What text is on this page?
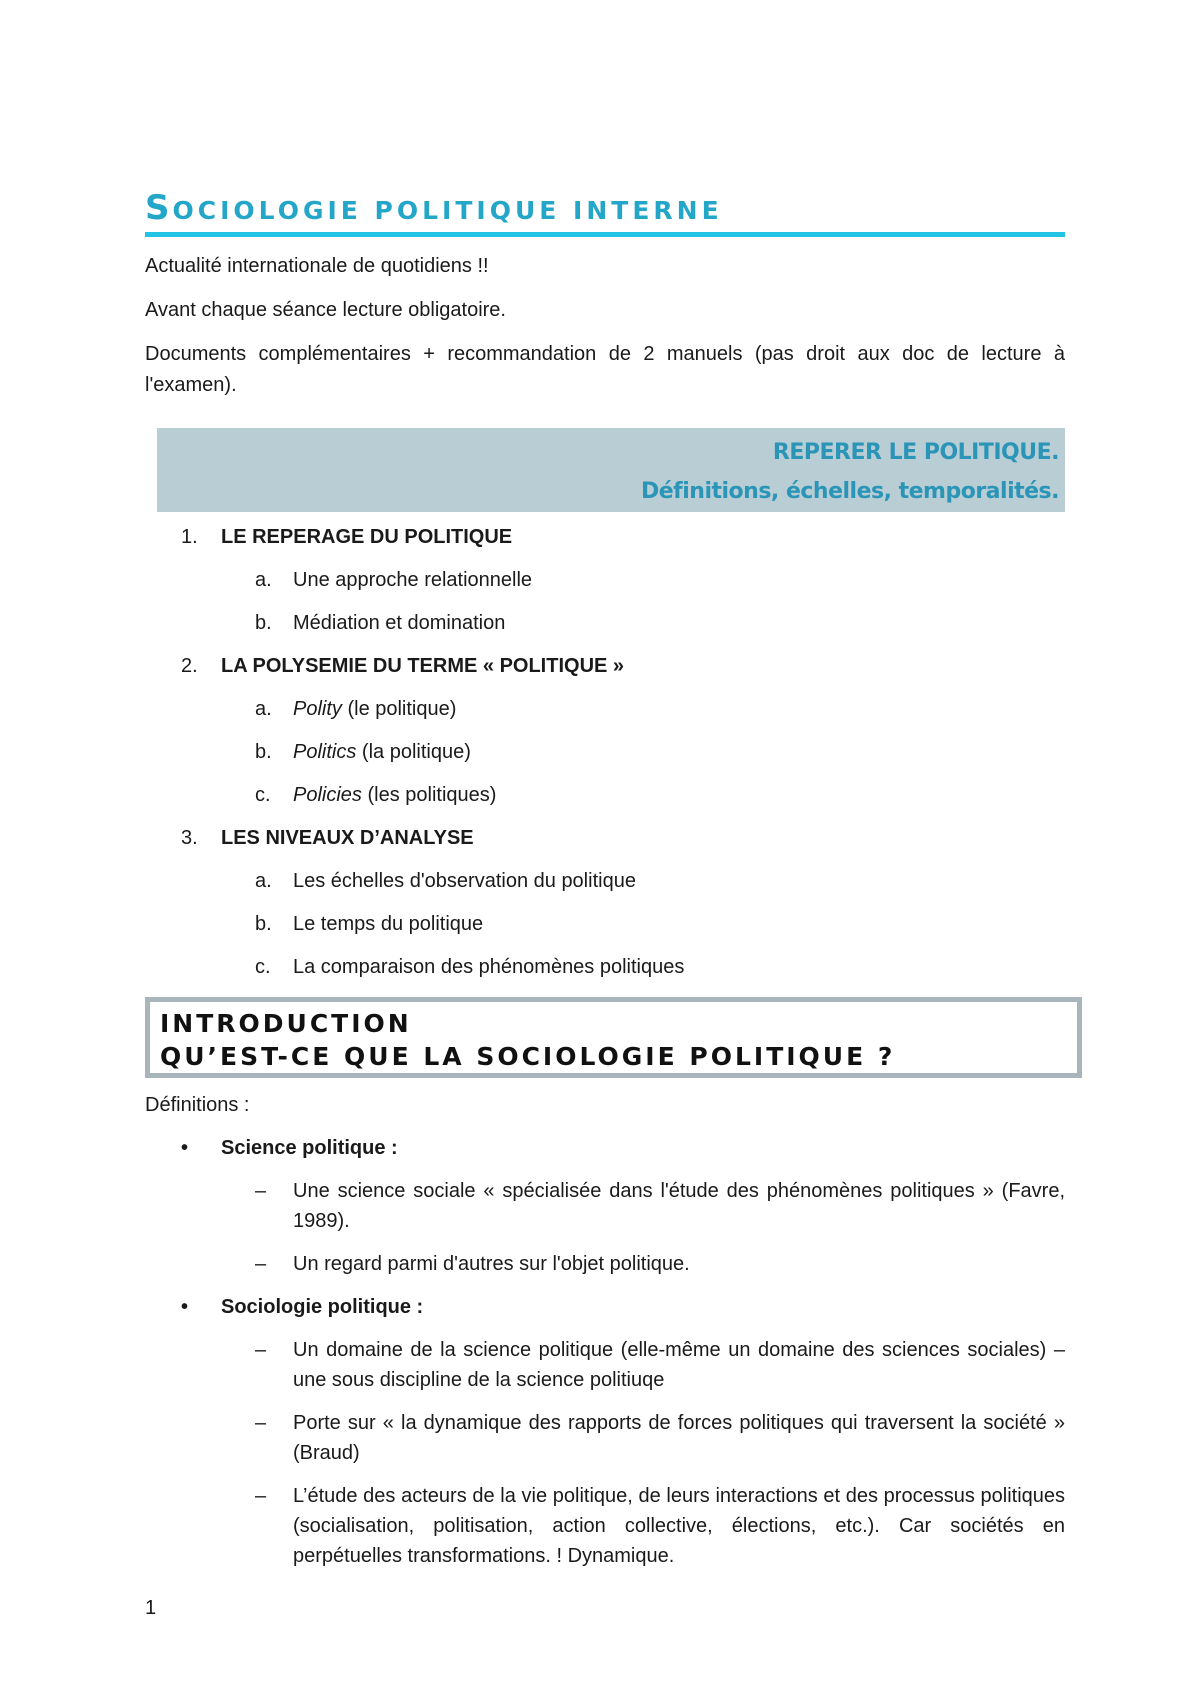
SOCIOLOGIE POLITIQUE INTERNE

Actualité internationale de quotidiens !!

Avant chaque séance lecture obligatoire.

Documents complémentaires + recommandation de 2 manuels (pas droit aux doc de lecture à l'examen).

REPERER LE POLITIQUE.
Définitions, échelles, temporalités.
1.	LE REPERAGE DU POLITIQUE
a.	Une approche relationnelle
b.	Médiation et domination
2.	LA POLYSEMIE DU TERME « POLITIQUE »
a.	Polity (le politique)
b.	Politics (la politique)
c.	Policies (les politiques)
3.	LES NIVEAUX D’ANALYSE
a.	Les échelles d'observation du politique
b.	Le temps du politique
c.	La comparaison des phénomènes politiques
INTRODUCTION
QU’EST-CE QUE LA SOCIOLOGIE POLITIQUE ?
Définitions :
•	Science politique :
–	Une science sociale « spécialisée dans l'étude des phénomènes politiques » (Favre, 1989).
–	Un regard parmi d'autres sur l'objet politique.
•	Sociologie politique :
–	Un domaine de la science politique (elle-même un domaine des sciences sociales) – une sous discipline de la science politiuqe
–	Porte sur « la dynamique des rapports de forces politiques qui traversent la société » (Braud)
–	L’étude des acteurs de la vie politique, de leurs interactions et des processus politiques (socialisation, politisation, action collective, élections, etc.). Car sociétés en perpétuelles transformations. ! Dynamique.
1
